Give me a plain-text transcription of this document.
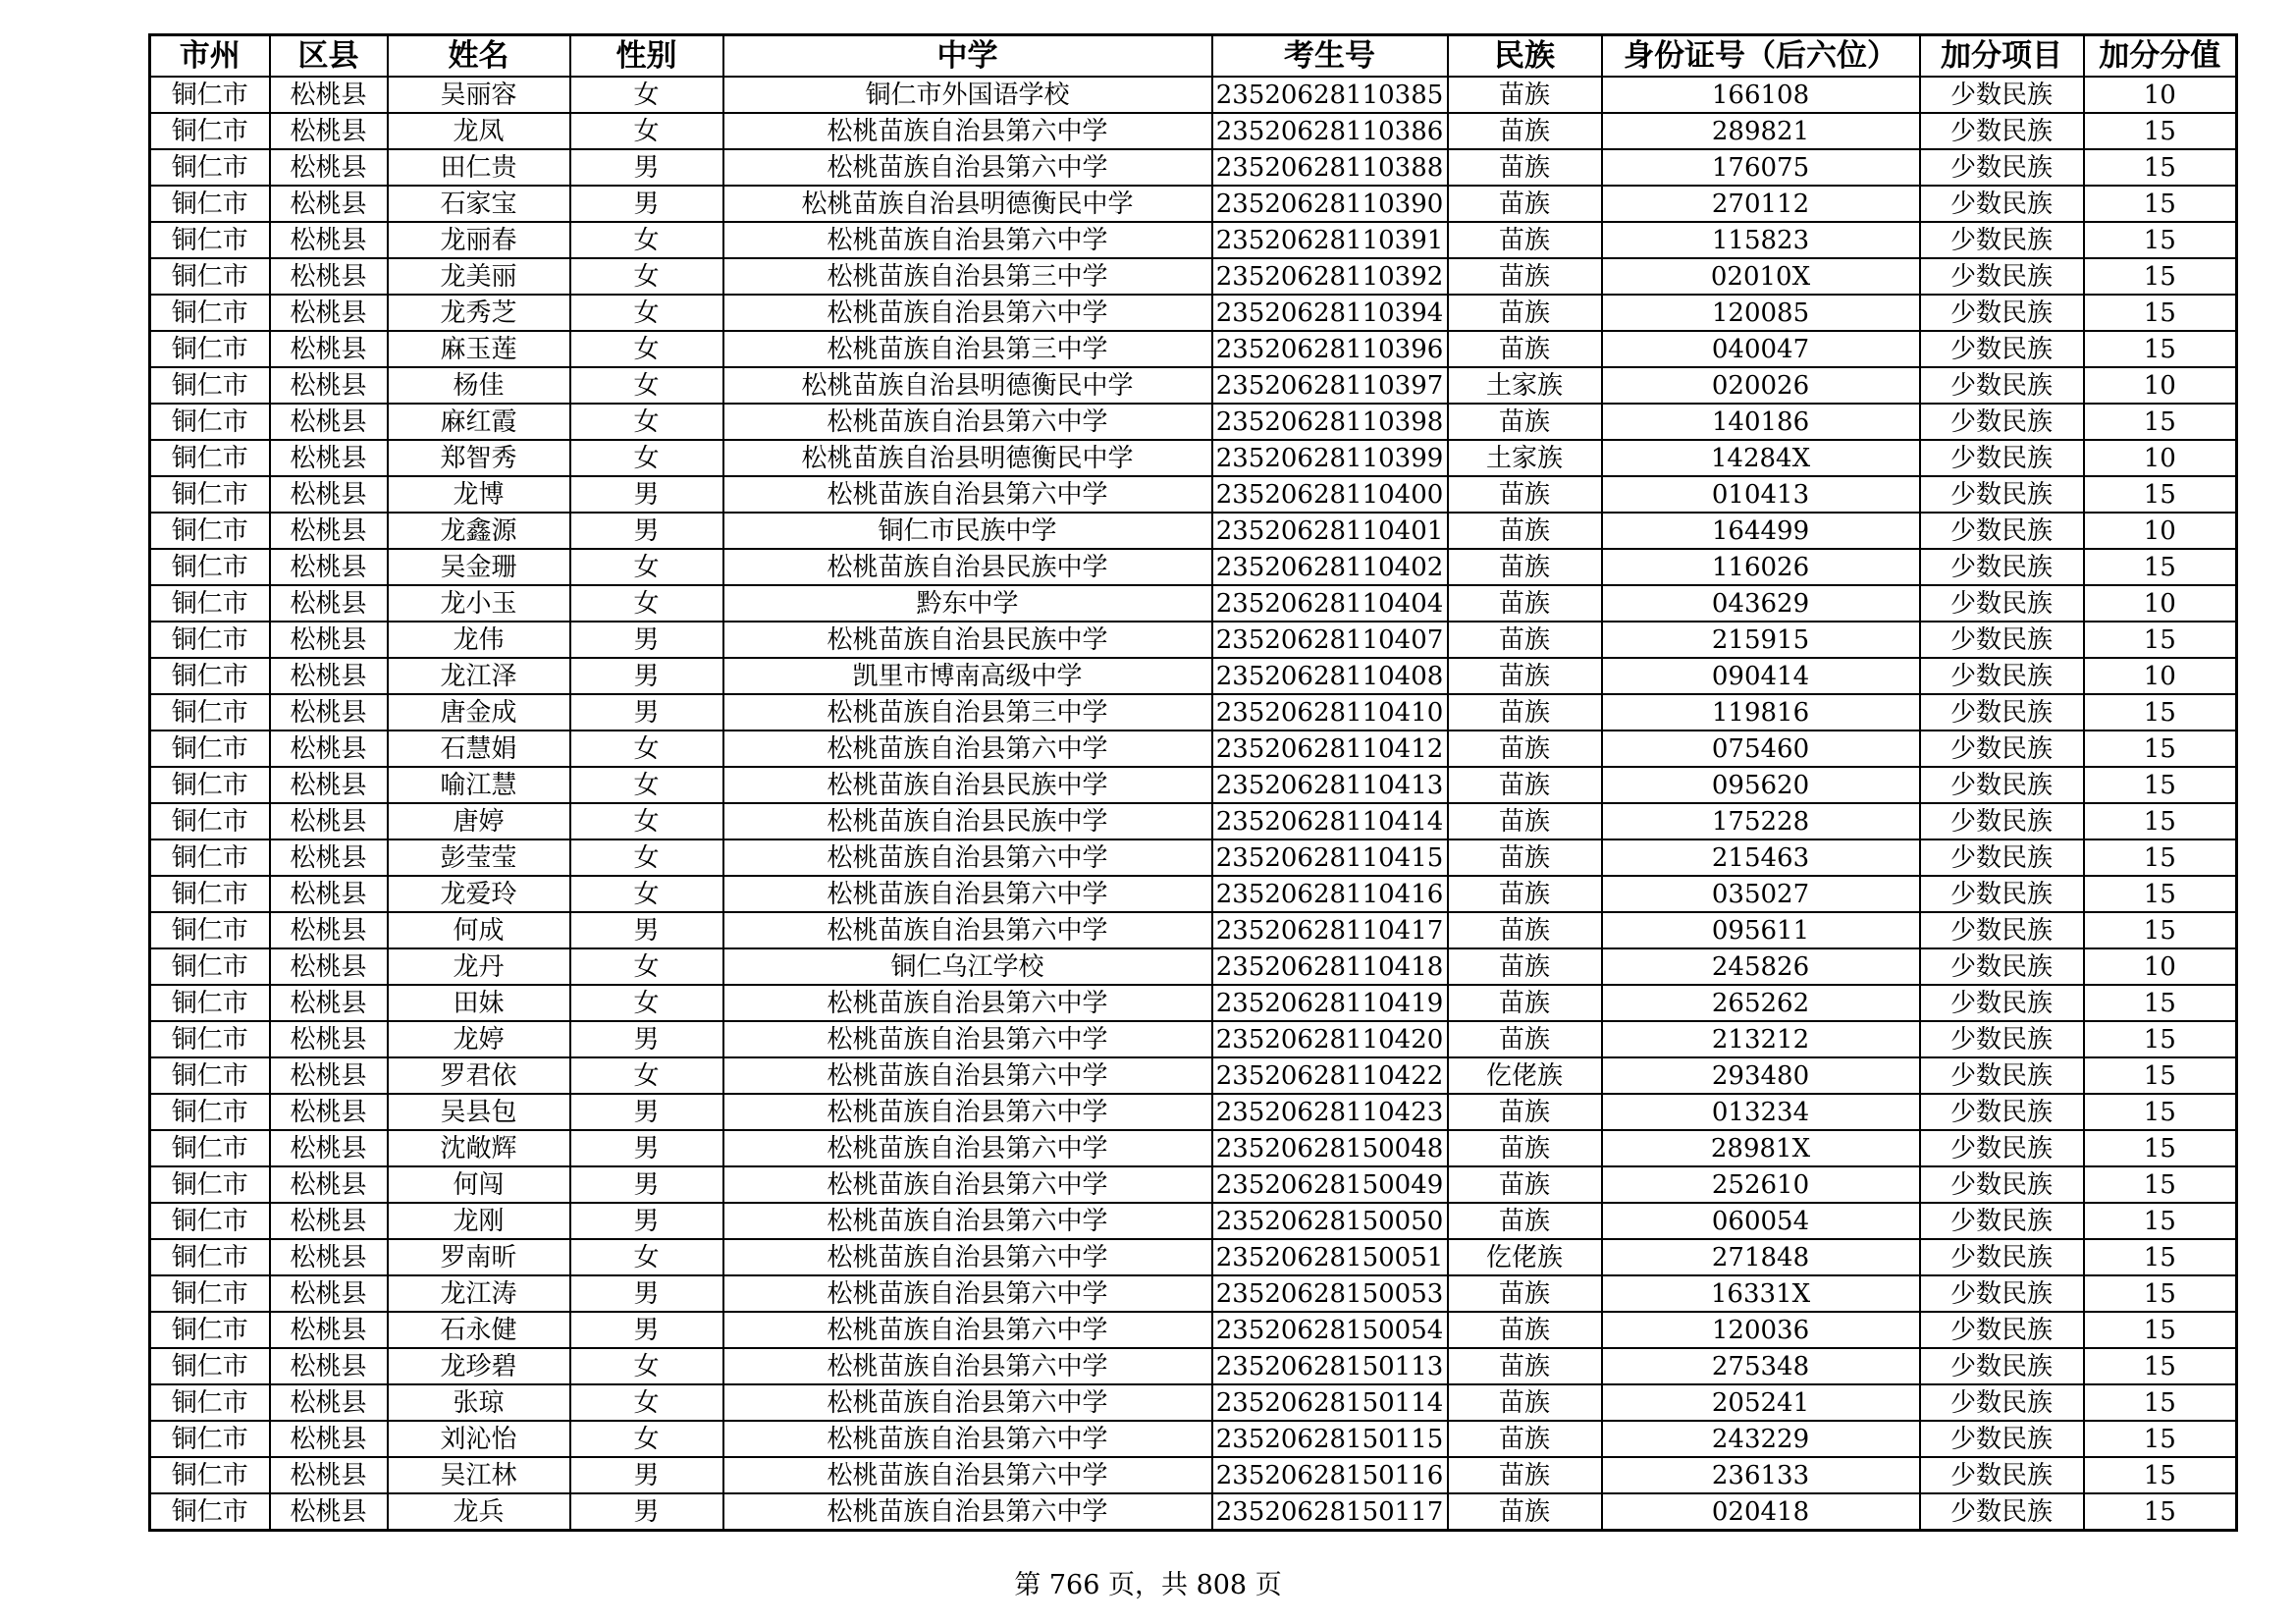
市州	区县	姓名	性别	中学	考生号	民族	身份证号（后六位）	加分项目	加分分值
铜仁市	松桃县	吴丽容	女	铜仁市外国语学校	23520628110385	苗族	166108	少数民族	10
铜仁市	松桃县	龙凤	女	松桃苗族自治县第六中学	23520628110386	苗族	289821	少数民族	15
铜仁市	松桃县	田仁贵	男	松桃苗族自治县第六中学	23520628110388	苗族	176075	少数民族	15
铜仁市	松桃县	石家宝	男	松桃苗族自治县明德衡民中学	23520628110390	苗族	270112	少数民族	15
铜仁市	松桃县	龙丽春	女	松桃苗族自治县第六中学	23520628110391	苗族	115823	少数民族	15
铜仁市	松桃县	龙美丽	女	松桃苗族自治县第三中学	23520628110392	苗族	02010X	少数民族	15
铜仁市	松桃县	龙秀芝	女	松桃苗族自治县第六中学	23520628110394	苗族	120085	少数民族	15
铜仁市	松桃县	麻玉莲	女	松桃苗族自治县第三中学	23520628110396	苗族	040047	少数民族	15
铜仁市	松桃县	杨佳	女	松桃苗族自治县明德衡民中学	23520628110397	土家族	020026	少数民族	10
铜仁市	松桃县	麻红霞	女	松桃苗族自治县第六中学	23520628110398	苗族	140186	少数民族	15
铜仁市	松桃县	郑智秀	女	松桃苗族自治县明德衡民中学	23520628110399	土家族	14284X	少数民族	10
铜仁市	松桃县	龙博	男	松桃苗族自治县第六中学	23520628110400	苗族	010413	少数民族	15
铜仁市	松桃县	龙鑫源	男	铜仁市民族中学	23520628110401	苗族	164499	少数民族	10
铜仁市	松桃县	吴金珊	女	松桃苗族自治县民族中学	23520628110402	苗族	116026	少数民族	15
铜仁市	松桃县	龙小玉	女	黔东中学	23520628110404	苗族	043629	少数民族	10
铜仁市	松桃县	龙伟	男	松桃苗族自治县民族中学	23520628110407	苗族	215915	少数民族	15
铜仁市	松桃县	龙江泽	男	凯里市博南高级中学	23520628110408	苗族	090414	少数民族	10
铜仁市	松桃县	唐金成	男	松桃苗族自治县第三中学	23520628110410	苗族	119816	少数民族	15
铜仁市	松桃县	石慧娟	女	松桃苗族自治县第六中学	23520628110412	苗族	075460	少数民族	15
铜仁市	松桃县	喻江慧	女	松桃苗族自治县民族中学	23520628110413	苗族	095620	少数民族	15
铜仁市	松桃县	唐婷	女	松桃苗族自治县民族中学	23520628110414	苗族	175228	少数民族	15
铜仁市	松桃县	彭莹莹	女	松桃苗族自治县第六中学	23520628110415	苗族	215463	少数民族	15
铜仁市	松桃县	龙爱玲	女	松桃苗族自治县第六中学	23520628110416	苗族	035027	少数民族	15
铜仁市	松桃县	何成	男	松桃苗族自治县第六中学	23520628110417	苗族	095611	少数民族	15
铜仁市	松桃县	龙丹	女	铜仁乌江学校	23520628110418	苗族	245826	少数民族	10
铜仁市	松桃县	田妹	女	松桃苗族自治县第六中学	23520628110419	苗族	265262	少数民族	15
铜仁市	松桃县	龙婷	男	松桃苗族自治县第六中学	23520628110420	苗族	213212	少数民族	15
铜仁市	松桃县	罗君依	女	松桃苗族自治县第六中学	23520628110422	仡佬族	293480	少数民族	15
铜仁市	松桃县	吴县包	男	松桃苗族自治县第六中学	23520628110423	苗族	013234	少数民族	15
铜仁市	松桃县	沈敞辉	男	松桃苗族自治县第六中学	23520628150048	苗族	28981X	少数民族	15
铜仁市	松桃县	何闯	男	松桃苗族自治县第六中学	23520628150049	苗族	252610	少数民族	15
铜仁市	松桃县	龙刚	男	松桃苗族自治县第六中学	23520628150050	苗族	060054	少数民族	15
铜仁市	松桃县	罗南昕	女	松桃苗族自治县第六中学	23520628150051	仡佬族	271848	少数民族	15
铜仁市	松桃县	龙江涛	男	松桃苗族自治县第六中学	23520628150053	苗族	16331X	少数民族	15
铜仁市	松桃县	石永健	男	松桃苗族自治县第六中学	23520628150054	苗族	120036	少数民族	15
铜仁市	松桃县	龙珍碧	女	松桃苗族自治县第六中学	23520628150113	苗族	275348	少数民族	15
铜仁市	松桃县	张琼	女	松桃苗族自治县第六中学	23520628150114	苗族	205241	少数民族	15
铜仁市	松桃县	刘沁怡	女	松桃苗族自治县第六中学	23520628150115	苗族	243229	少数民族	15
铜仁市	松桃县	吴江林	男	松桃苗族自治县第六中学	23520628150116	苗族	236133	少数民族	15
铜仁市	松桃县	龙兵	男	松桃苗族自治县第六中学	23520628150117	苗族	020418	少数民族	15
第 766 页，共 808 页
